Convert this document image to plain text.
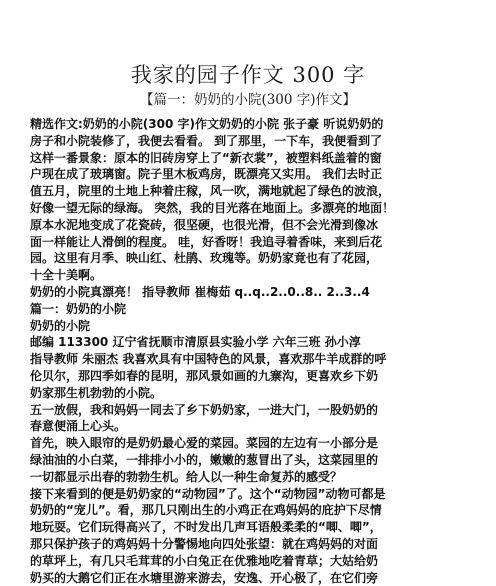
我家的园子作文 300 字
【篇一：奶奶的小院(300 字)作文】
精选作文:奶奶的小院(300 字)作文奶奶的小院 张子豪 听说奶奶的
房子和小院装修了，我便去看看。 到了那里，一下车，我便看到了
这样一番景象：原本的旧砖房穿上了“新衣裳”，被塑料纸盖着的窗
户现在成了玻璃窗。院子里木板鸡房，既漂亮又实用。 我们去时正
值五月，院里的土地上种着庄稼，风一吹，满地就起了绿色的波浪，
好像一望无际的绿海。 突然，我的目光落在地面上。多漂亮的地面！
原本水泥地变成了花瓷砖，很坚硬，也很光滑，但不会光滑到像冰
面一样能让人滑倒的程度。 哇，好香呀！我追寻着香味，来到后花
园。这里有月季、映山红、杜鹃、玫瑰等。奶奶家竟也有了花园，
十全十美啊。
奶奶的小院真漂亮！ 指导教师 崔梅茹 q..q..2..0..8.. 2..3..4
篇一：奶奶的小院
奶奶的小院
邮编 113300 辽宁省抚顺市清原县实验小学 六年三班 孙小淳
指导教师 朱丽杰 我喜欢具有中国特色的风景，喜欢那牛羊成群的呼
伦贝尔，那四季如春的昆明，那风景如画的九寨沟，更喜欢乡下奶
奶家那生机勃勃的小院。
五一放假，我和妈妈一同去了乡下奶奶家，一进大门，一股奶奶的
春意便涌上心头。
首先，映入眼帘的是奶奶最心爱的菜园。菜园的左边有一小部分是
绿油油的小白菜，一排排小小的，嫩嫩的葱冒出了头，这菜园里的
一切都显示出春的勃勃生机。给人以一种生命复苏的感受？
接下来看到的便是奶奶家的“动物园”了。这个“动物园”动物可都是
奶奶的“宠儿”。看，那几只刚出生的小鸡正在鸡妈妈的庇护下尽情
地玩耍。它们玩得高兴了，不时发出几声耳语般柔柔的“唧、唧”，
那只保护孩子的鸡妈妈十分警惕地向四处张望：就在鸡妈妈的对面
的草坪上，有几只毛茸茸的小白兔正在优雅地吃着青草；大姑给奶
奶买的大鹅它们正在水塘里游来游去，安逸、开心极了，在它们旁
